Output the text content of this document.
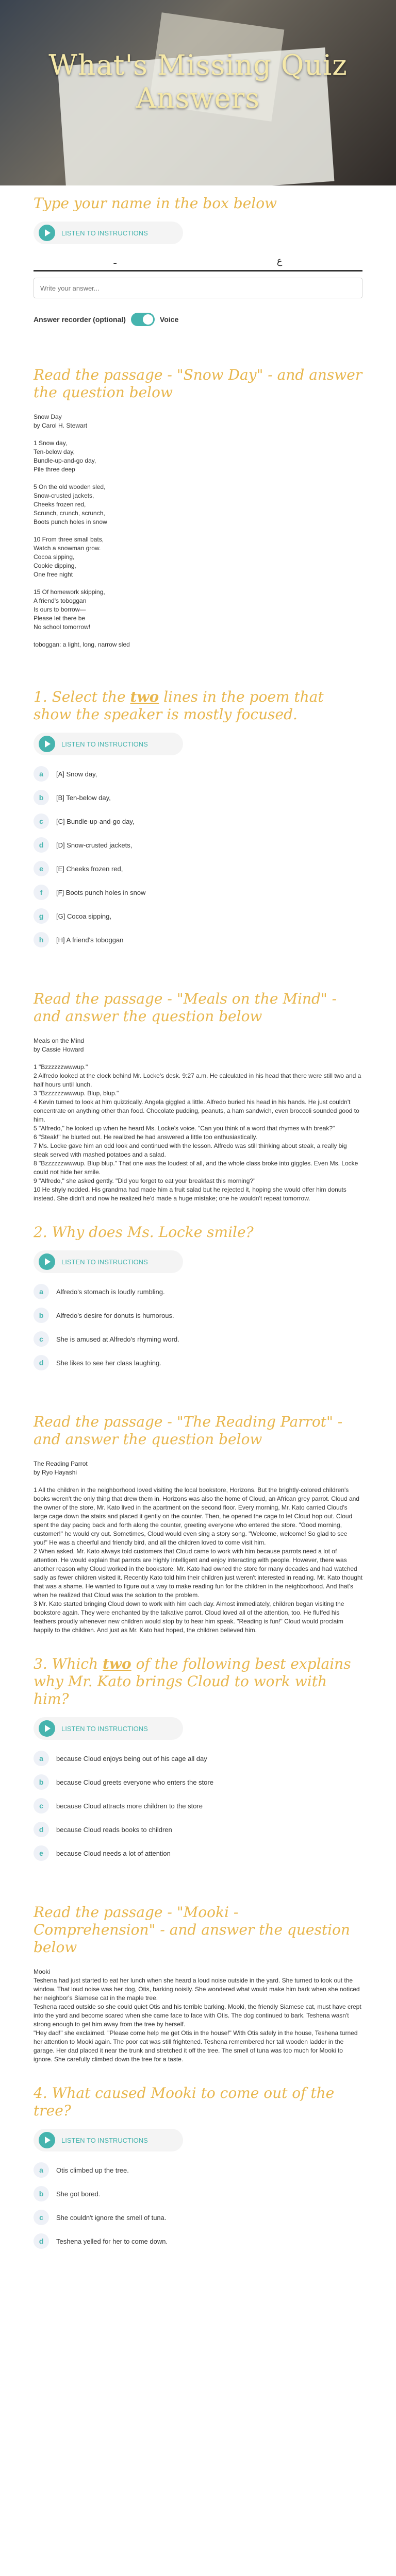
What's Missing Quiz Answers

Type your name in the box below

LISTEN TO INSTRUCTIONS
ـ	ع
Write your answer...
Answer recorder (optional)	Voice

Read the passage - "Snow Day" - and answer the question below

Snow Day
by Carol H. Stewart

1 Snow day,
Ten-below day,
Bundle-up-and-go day,
Pile three deep

5 On the old wooden sled,
Snow-crusted jackets,
Cheeks frozen red,
Scrunch, crunch, scrunch,
Boots punch holes in snow

10 From three small bats,
Watch a snowman grow.
Cocoa sipping,
Cookie dipping,
One free night

15 Of homework skipping,
A friend's toboggan
Is ours to borrow—
Please let there be
No school tomorrow!

toboggan: a light, long, narrow sled

1. Select the two lines in the poem that show the speaker is mostly focused.

LISTEN TO INSTRUCTIONS
a	[A] Snow day,
b	[B] Ten-below day,
c	[C] Bundle-up-and-go day,
d	[D] Snow-crusted jackets,
e	[E] Cheeks frozen red,
f	[F] Boots punch holes in snow
g	[G] Cocoa sipping,
h	[H] A friend's toboggan

Read the passage - "Meals on the Mind" - and answer the question below

Meals on the Mind
by Cassie Howard

1 "Bzzzzzzwwwup."
2 Alfredo looked at the clock behind Mr. Locke's desk. 9:27 a.m. He calculated in his head that there were still two and a half hours until lunch.
3 "Bzzzzzzwwwup. Blup, blup."
4 Kevin turned to look at him quizzically. Angela giggled a little. Alfredo buried his head in his hands. He just couldn't concentrate on anything other than food. Chocolate pudding, peanuts, a ham sandwich, even broccoli sounded good to him.
5 "Alfredo," he looked up when he heard Ms. Locke's voice. "Can you think of a word that rhymes with break?"
6 "Steak!" he blurted out. He realized he had answered a little too enthusiastically.
7 Ms. Locke gave him an odd look and continued with the lesson. Alfredo was still thinking about steak, a really big steak served with mashed potatoes and a salad.
8 "Bzzzzzzwwwup. Blup blup." That one was the loudest of all, and the whole class broke into giggles. Even Ms. Locke could not hide her smile.
9 "Alfredo," she asked gently. "Did you forget to eat your breakfast this morning?"
10 He shyly nodded. His grandma had made him a fruit salad but he rejected it, hoping she would offer him donuts instead. She didn't and now he realized he'd made a huge mistake; one he wouldn't repeat tomorrow.

2. Why does Ms. Locke smile?

LISTEN TO INSTRUCTIONS
a	Alfredo's stomach is loudly rumbling.
b	Alfredo's desire for donuts is humorous.
c	She is amused at Alfredo's rhyming word.
d	She likes to see her class laughing.

Read the passage - "The Reading Parrot" - and answer the question below

The Reading Parrot
by Ryo Hayashi

1 All the children in the neighborhood loved visiting the local bookstore, Horizons. But the brightly-colored children's books weren't the only thing that drew them in. Horizons was also the home of Cloud, an African grey parrot. Cloud and the owner of the store, Mr. Kato lived in the apartment on the second floor. Every morning, Mr. Kato carried Cloud's large cage down the stairs and placed it gently on the counter. Then, he opened the cage to let Cloud hop out. Cloud spent the day pacing back and forth along the counter, greeting everyone who entered the store. "Good morning, customer!" he would cry out. Sometimes, Cloud would even sing a story song. "Welcome, welcome! So glad to see you!" He was a cheerful and friendly bird, and all the children loved to come visit him.
2 When asked, Mr. Kato always told customers that Cloud came to work with him because parrots need a lot of attention. He would explain that parrots are highly intelligent and enjoy interacting with people. However, there was another reason why Cloud worked in the bookstore. Mr. Kato had owned the store for many decades and had watched sadly as fewer children visited it. Recently Kato told him their children just weren't interested in reading. Mr. Kato thought that was a shame. He wanted to figure out a way to make reading fun for the children in the neighborhood. And that's when he realized that Cloud was the solution to the problem.
3 Mr. Kato started bringing Cloud down to work with him each day. Almost immediately, children began visiting the bookstore again. They were enchanted by the talkative parrot. Cloud loved all of the attention, too. He fluffed his feathers proudly whenever new children would stop by to hear him speak. "Reading is fun!" Cloud would proclaim happily to the children. And just as Mr. Kato had hoped, the children believed him.

3. Which two of the following best explains why Mr. Kato brings Cloud to work with him?

LISTEN TO INSTRUCTIONS
a	because Cloud enjoys being out of his cage all day
b	because Cloud greets everyone who enters the store
c	because Cloud attracts more children to the store
d	because Cloud reads books to children
e	because Cloud needs a lot of attention

Read the passage - "Mooki - Comprehension" - and answer the question below

Mooki
Teshena had just started to eat her lunch when she heard a loud noise outside in the yard. She turned to look out the window. That loud noise was her dog, Otis, barking noisily. She wondered what would make him bark when she noticed her neighbor's Siamese cat in the maple tree.
Teshena raced outside so she could quiet Otis and his terrible barking. Mooki, the friendly Siamese cat, must have crept into the yard and become scared when she came face to face with Otis. The dog continued to bark. Teshena wasn't strong enough to get him away from the tree by herself.
"Hey dad!" she exclaimed. "Please come help me get Otis in the house!" With Otis safely in the house, Teshena turned her attention to Mooki again. The poor cat was still frightened. Teshena remembered her tall wooden ladder in the garage. Her dad placed it near the trunk and stretched it off the tree. The smell of tuna was too much for Mooki to ignore. She carefully climbed down the tree for a taste.

4. What caused Mooki to come out of the tree?

LISTEN TO INSTRUCTIONS
a	Otis climbed up the tree.
b	She got bored.
c	She couldn't ignore the smell of tuna.
d	Teshena yelled for her to come down.
